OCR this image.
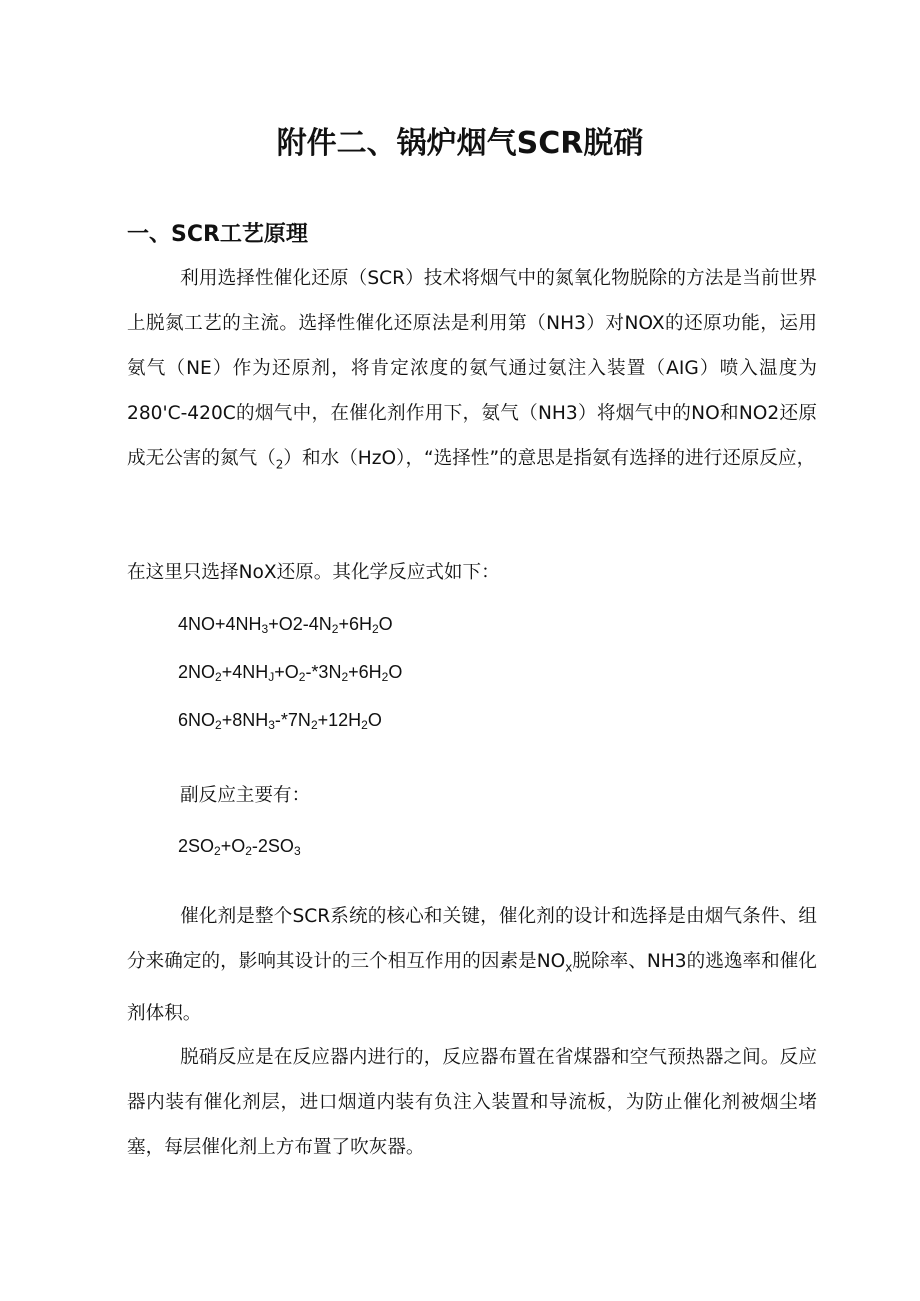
附件二、锅炉烟气SCR脱硝
一、SCR工艺原理
利用选择性催化还原（SCR）技术将烟气中的氮氧化物脱除的方法是当前世界上脱氮工艺的主流。选择性催化还原法是利用第（NH3）对NOX的还原功能，运用氨气（NE）作为还原剂，将肯定浓度的氨气通过氨注入装置（AIG）喷入温度为280'C-420C的烟气中，在催化剂作用下，氨气（NH3）将烟气中的NO和NO2还原成无公害的氮气$(_2)$和水（HzO），“选择性”的意思是指氨有选择的进行还原反应，
在这里只选择NoX还原。其化学反应式如下：
$4NO+4NH_3+O2-4N_2+6H_2O$
$2NO_2+4NH_J+O_2-*3N_2+6H_2O$
$6NO_2+8NH_3-*7N_2+12H_2O$
副反应主要有：
$2SO_2+O_2-2SO_3$
催化剂是整个SCR系统的核心和关键，催化剂的设计和选择是由烟气条件、组分来确定的，影响其设计的三个相互作用的因素是$NO_x$脱除率、NH3的逃逸率和催化剂体积。
脱硝反应是在反应器内进行的，反应器布置在省煤器和空气预热器之间。反应器内装有催化剂层，进口烟道内装有负注入装置和导流板，为防止催化剂被烟尘堵塞，每层催化剂上方布置了吹灰器。
